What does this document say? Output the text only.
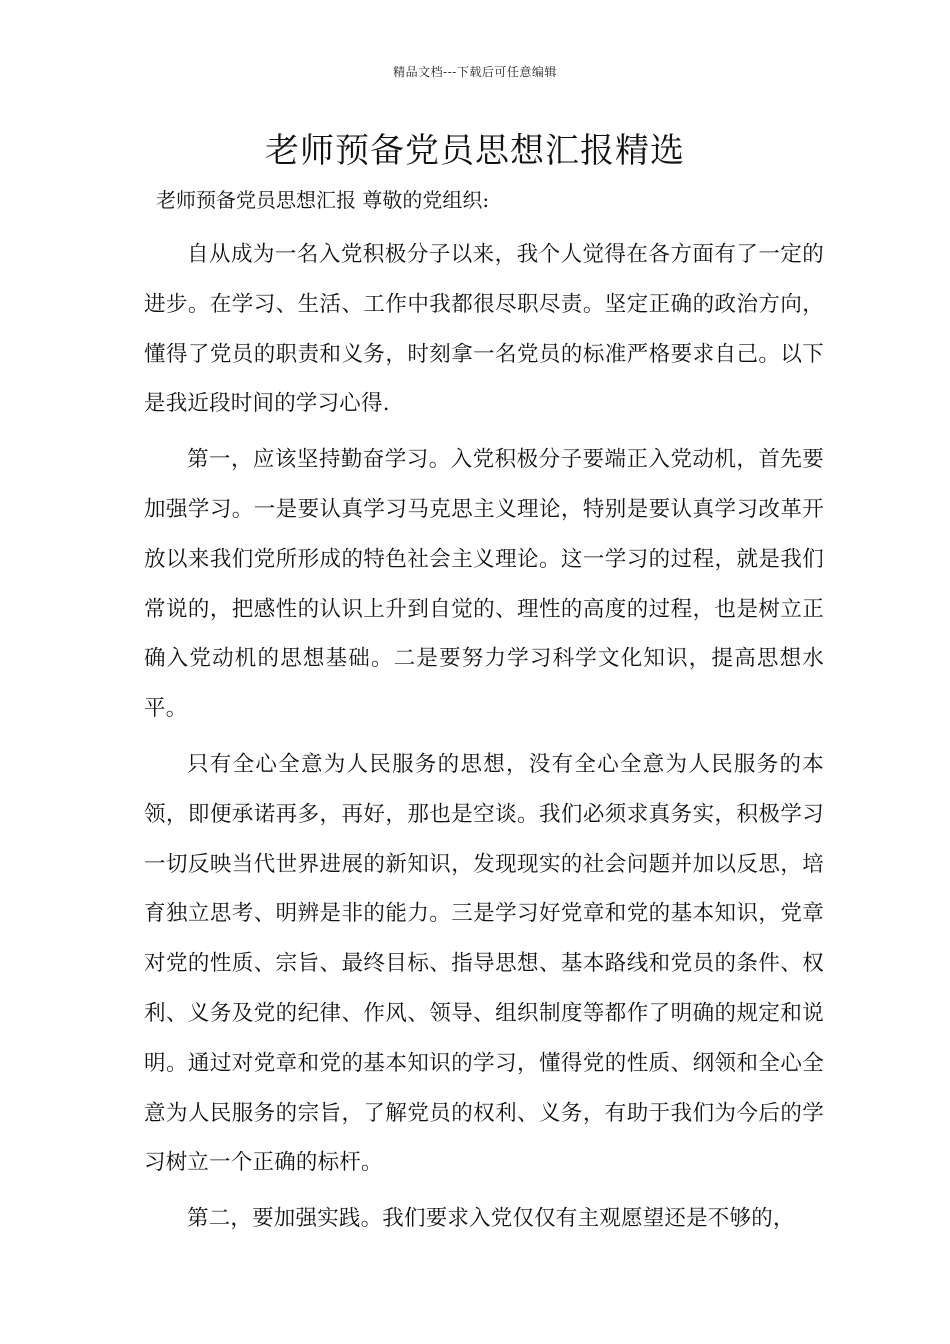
精品文档---下载后可任意编辑
老师预备党员思想汇报精选

老师预备党员思想汇报 尊敬的党组织:

自从成为一名入党积极分子以来，我个人觉得在各方面有了一定的进步。在学习、生活、工作中我都很尽职尽责。坚定正确的政治方向，懂得了党员的职责和义务，时刻拿一名党员的标准严格要求自己。以下是我近段时间的学习心得.

第一，应该坚持勤奋学习。入党积极分子要端正入党动机，首先要加强学习。一是要认真学习马克思主义理论，特别是要认真学习改革开放以来我们党所形成的特色社会主义理论。这一学习的过程，就是我们常说的，把感性的认识上升到自觉的、理性的高度的过程，也是树立正确入党动机的思想基础。二是要努力学习科学文化知识，提高思想水平。

只有全心全意为人民服务的思想，没有全心全意为人民服务的本领，即便承诺再多，再好，那也是空谈。我们必须求真务实，积极学习一切反映当代世界进展的新知识，发现现实的社会问题并加以反思，培育独立思考、明辨是非的能力。三是学习好党章和党的基本知识，党章对党的性质、宗旨、最终目标、指导思想、基本路线和党员的条件、权利、义务及党的纪律、作风、领导、组织制度等都作了明确的规定和说明。通过对党章和党的基本知识的学习，懂得党的性质、纲领和全心全意为人民服务的宗旨，了解党员的权利、义务，有助于我们为今后的学习树立一个正确的标杆。

第二，要加强实践。我们要求入党仅仅有主观愿望还是不够的，
